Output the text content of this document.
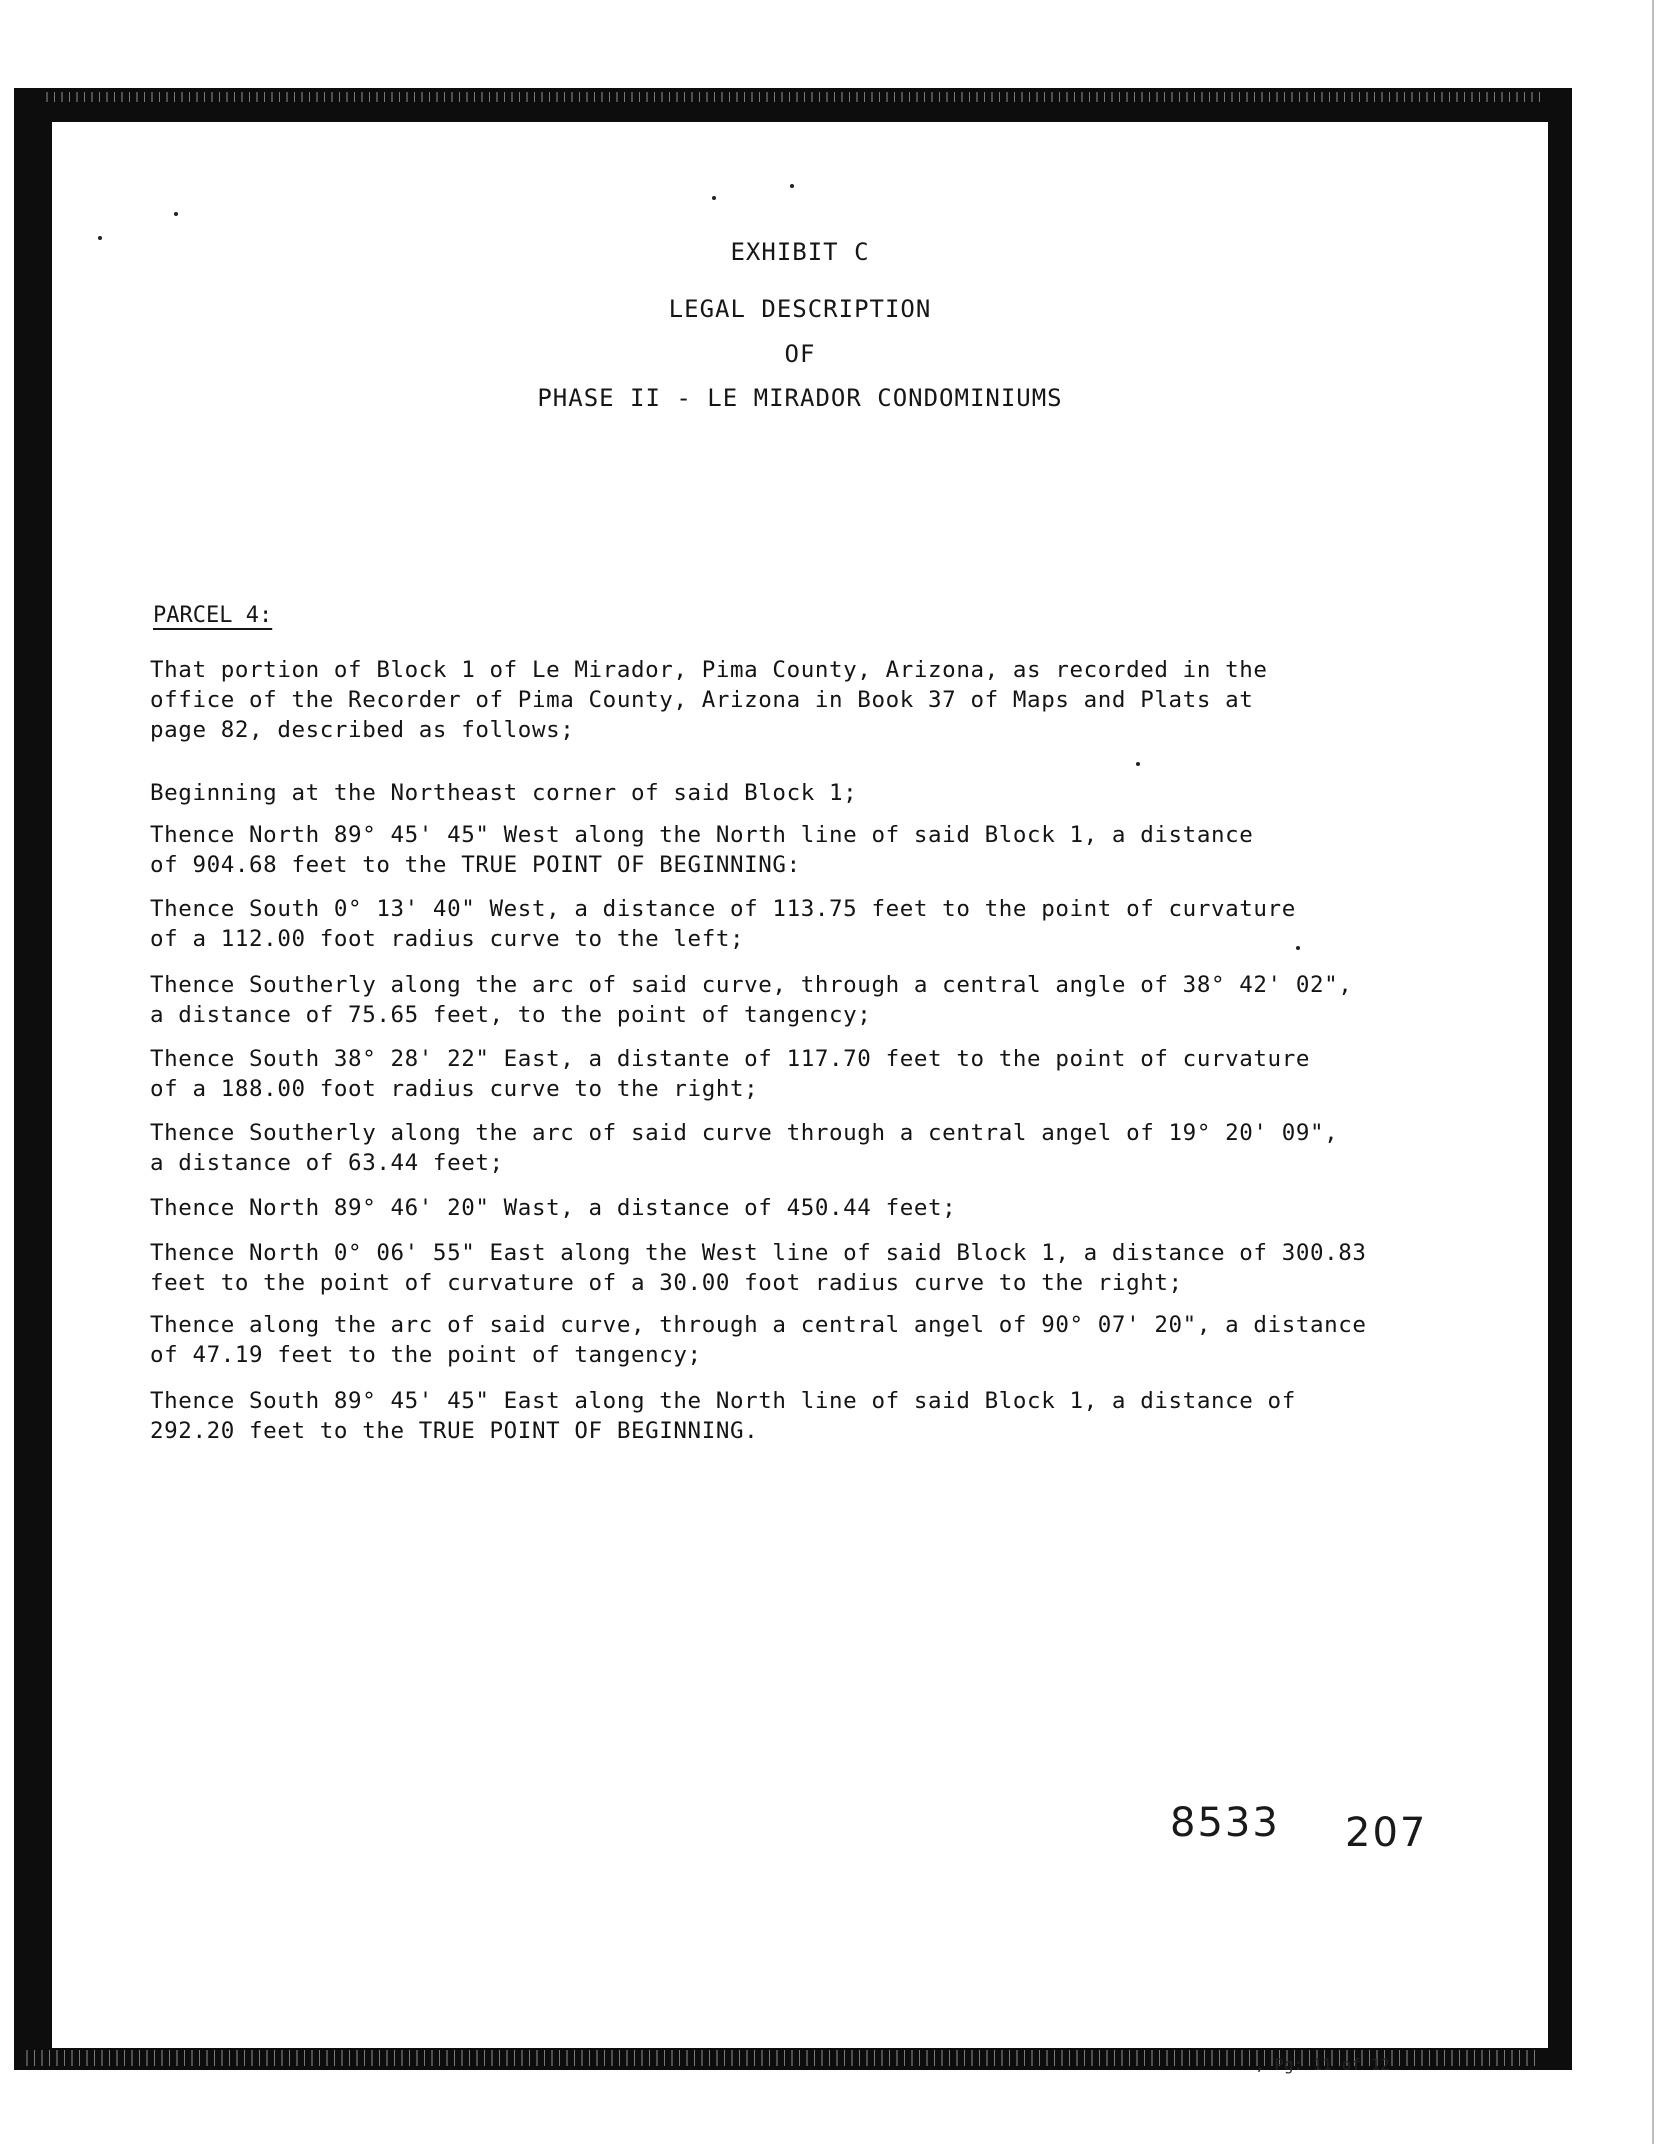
EXHIBIT C
LEGAL DESCRIPTION
OF
PHASE II - LE MIRADOR CONDOMINIUMS
PARCEL 4:

That portion of Block 1 of Le Mirador, Pima County, Arizona, as recorded in the
office of the Recorder of Pima County, Arizona in Book 37 of Maps and Plats at
page 82, described as follows;

Beginning at the Northeast corner of said Block 1;

Thence North 89° 45' 45" West along the North line of said Block 1, a distance
of 904.68 feet to the TRUE POINT OF BEGINNING:

Thence South 0° 13' 40" West, a distance of 113.75 feet to the point of curvature
of a 112.00 foot radius curve to the left;

Thence Southerly along the arc of said curve, through a central angle of 38° 42' 02",
a distance of 75.65 feet, to the point of tangency;

Thence South 38° 28' 22" East, a distante of 117.70 feet to the point of curvature
of a 188.00 foot radius curve to the right;

Thence Southerly along the arc of said curve through a central angel of 19° 20' 09",
a distance of 63.44 feet;

Thence North 89° 46' 20" Wast, a distance of 450.44 feet;

Thence North 0° 06' 55" East along the West line of said Block 1, a distance of 300.83
feet to the point of curvature of a 30.00 foot radius curve to the right;

Thence along the arc of said curve, through a central angel of 90° 07' 20", a distance
of 47.19 feet to the point of tangency;

Thence South 89° 45' 45" East along the North line of said Block 1, a distance of
292.20 feet to the TRUE POINT OF BEGINNING.

8533 207
, Pg: 11 of 12
